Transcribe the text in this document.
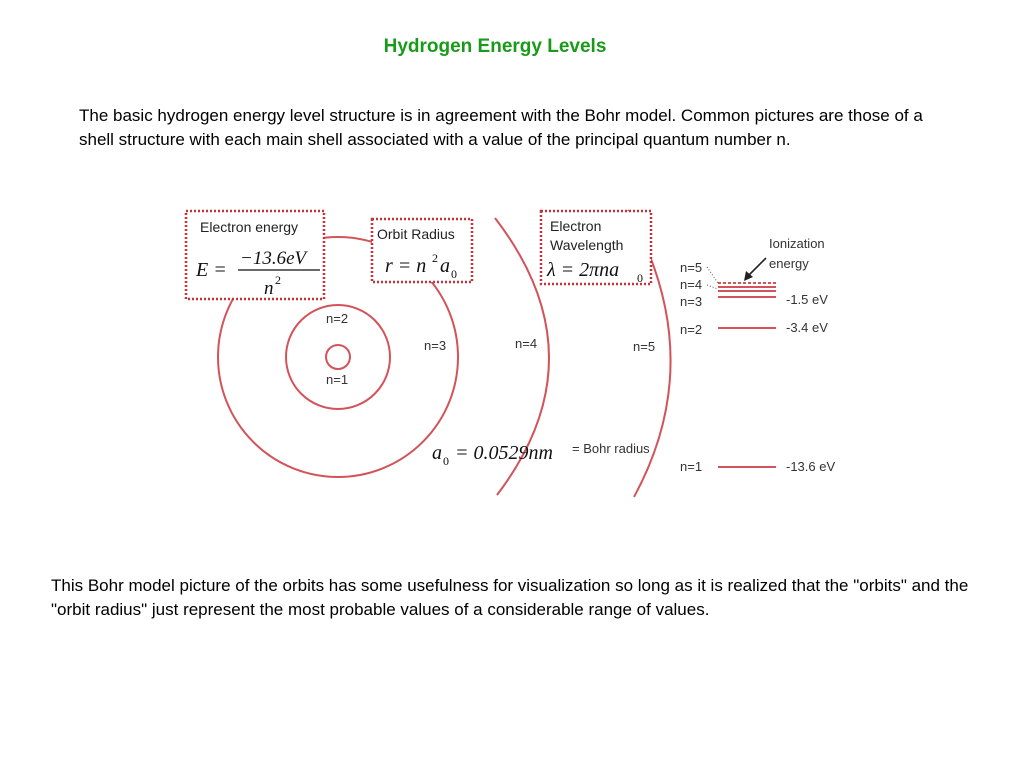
Hydrogen Energy Levels
The basic hydrogen energy level structure is in agreement with the Bohr model. Common pictures are those of a shell structure with each main shell associated with a value of the principal quantum number n.
n=2
n=1
n=3	n=4	n=5
Electron energy
E =
−13.6eV
n 2
Orbit Radius
r = n 2 a 0
Electron
Wavelength
λ = 2πna 0
a 0 = 0.0529nm = Bohr radius
n=5
n=4
n=3
n=2
n=1
Ionization
energy
-1.5 eV
-3.4 eV
-13.6 eV
This Bohr model picture of the orbits has some usefulness for visualization so long as it is realized that the "orbits" and the "orbit radius" just represent the most probable values of a considerable range of values.
